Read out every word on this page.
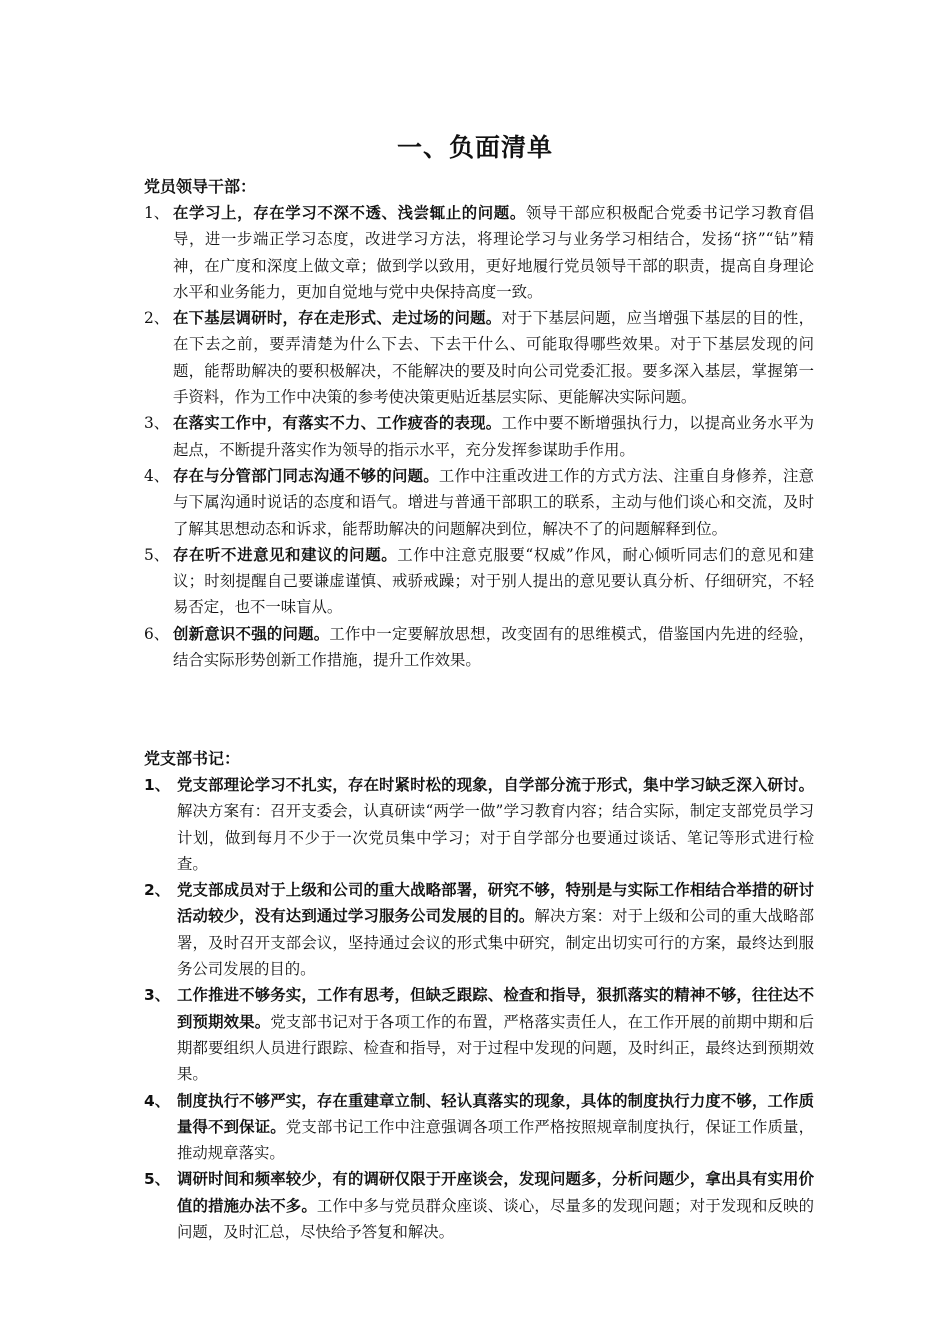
一、负面清单
党员领导干部：

1、 在学习上，存在学习不深不透、浅尝辄止的问题。领导干部应积极配合党委书记学习教育倡导，进一步端正学习态度，改进学习方法，将理论学习与业务学习相结合，发扬“挤”“钻”精神，在广度和深度上做文章；做到学以致用，更好地履行党员领导干部的职责，提高自身理论水平和业务能力，更加自觉地与党中央保持高度一致。

2、 在下基层调研时，存在走形式、走过场的问题。对于下基层问题，应当增强下基层的目的性，在下去之前，要弄清楚为什么下去、下去干什么、可能取得哪些效果。对于下基层发现的问题，能帮助解决的要积极解决，不能解决的要及时向公司党委汇报。要多深入基层，掌握第一手资料，作为工作中决策的参考使决策更贴近基层实际、更能解决实际问题。

3、 在落实工作中，有落实不力、工作疲沓的表现。工作中要不断增强执行力，以提高业务水平为起点，不断提升落实作为领导的指示水平，充分发挥参谋助手作用。

4、 存在与分管部门同志沟通不够的问题。工作中注重改进工作的方式方法、注重自身修养，注意与下属沟通时说话的态度和语气。增进与普通干部职工的联系，主动与他们谈心和交流，及时了解其思想动态和诉求，能帮助解决的问题解决到位，解决不了的问题解释到位。

5、 存在听不进意见和建议的问题。工作中注意克服要“权威”作风，耐心倾听同志们的意见和建议；时刻提醒自己要谦虚谨慎、戒骄戒躁；对于别人提出的意见要认真分析、仔细研究，不轻易否定，也不一味盲从。

6、 创新意识不强的问题。工作中一定要解放思想，改变固有的思维模式，借鉴国内先进的经验，结合实际形势创新工作措施，提升工作效果。

党支部书记：

1、 党支部理论学习不扎实，存在时紧时松的现象，自学部分流于形式，集中学习缺乏深入研讨。解决方案有：召开支委会，认真研读“两学一做”学习教育内容；结合实际，制定支部党员学习计划，做到每月不少于一次党员集中学习；对于自学部分也要通过谈话、笔记等形式进行检查。

2、 党支部成员对于上级和公司的重大战略部署，研究不够，特别是与实际工作相结合举措的研讨活动较少，没有达到通过学习服务公司发展的目的。解决方案：对于上级和公司的重大战略部署，及时召开支部会议，坚持通过会议的形式集中研究，制定出切实可行的方案，最终达到服务公司发展的目的。

3、 工作推进不够务实，工作有思考，但缺乏跟踪、检查和指导，狠抓落实的精神不够，往往达不到预期效果。党支部书记对于各项工作的布置，严格落实责任人，在工作开展的前期中期和后期都要组织人员进行跟踪、检查和指导，对于过程中发现的问题，及时纠正，最终达到预期效果。

4、 制度执行不够严实，存在重建章立制、轻认真落实的现象，具体的制度执行力度不够，工作质量得不到保证。党支部书记工作中注意强调各项工作严格按照规章制度执行，保证工作质量，推动规章落实。

5、 调研时间和频率较少，有的调研仅限于开座谈会，发现问题多，分析问题少，拿出具有实用价值的措施办法不多。工作中多与党员群众座谈、谈心，尽量多的发现问题；对于发现和反映的问题，及时汇总，尽快给予答复和解决。
